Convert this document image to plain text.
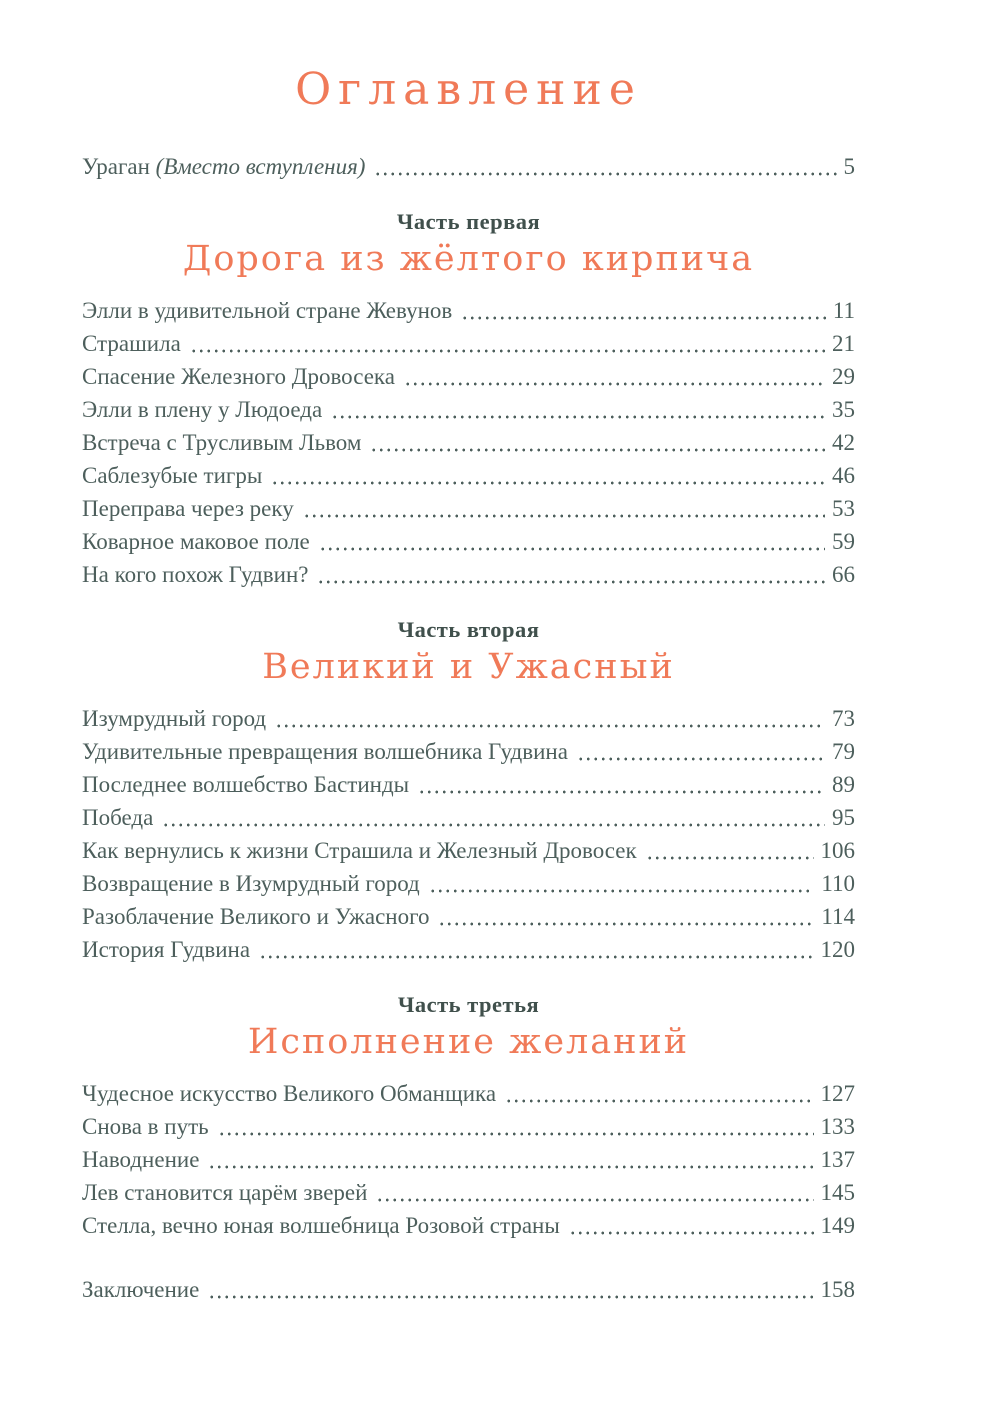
Оглавление
Ураган (Вместо вступления)	5
Часть первая
Дорога из жёлтого кирпича
Элли в удивительной стране Жевунов	11
Страшила	21
Спасение Железного Дровосека	29
Элли в плену у Людоеда	35
Встреча с Трусливым Львом	42
Саблезубые тигры	46
Переправа через реку	53
Коварное маковое поле	59
На кого похож Гудвин?	66
Часть вторая
Великий и Ужасный
Изумрудный город	73
Удивительные превращения волшебника Гудвина	79
Последнее волшебство Бастинды	89
Победа	95
Как вернулись к жизни Страшила и Железный Дровосек	106
Возвращение в Изумрудный город	110
Разоблачение Великого и Ужасного	114
История Гудвина	120
Часть третья
Исполнение желаний
Чудесное искусство Великого Обманщика	127
Снова в путь	133
Наводнение	137
Лев становится царём зверей	145
Стелла, вечно юная волшебница Розовой страны	149
Заключение	158
